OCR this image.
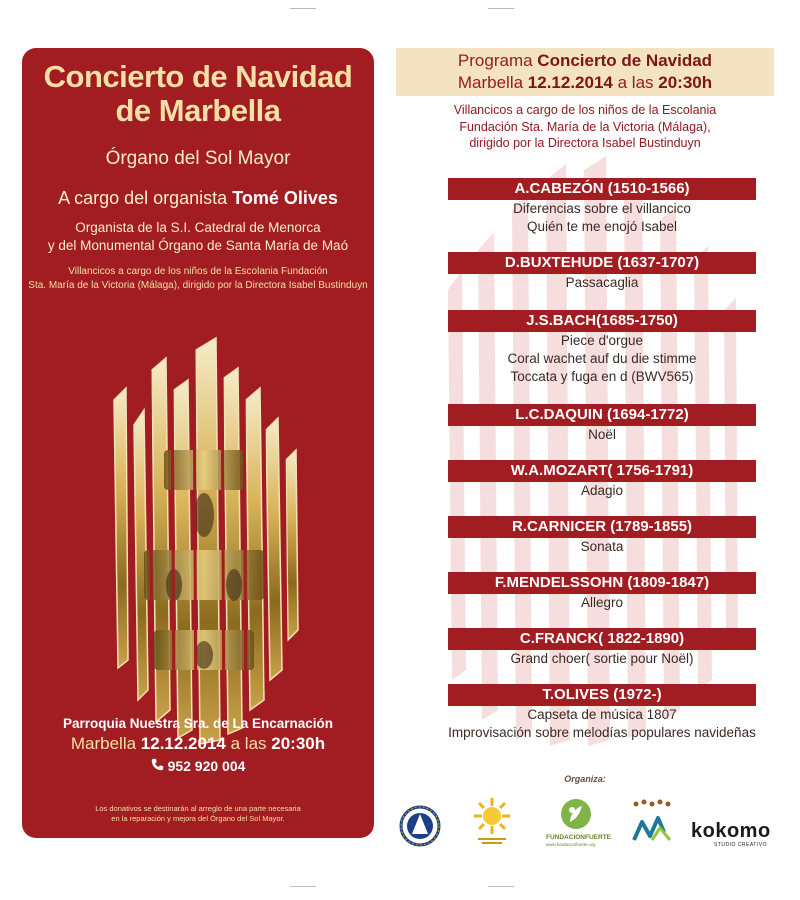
Concierto de Navidad
de Marbella
Órgano del Sol Mayor
A cargo del organista Tomé Olives
Organista de la S.I. Catedral de Menorca
y del Monumental Órgano de Santa María de Maó
Villancicos a cargo de los niños de la Escolania Fundación
Sta. María de la Victoria (Málaga), dirigido por la Directora Isabel Bustinduyn
Parroquia Nuestra Sra. de La Encarnación
Marbella 12.12.2014 a las 20:30h
952 920 004
Los donativos se destinarán al arreglo de una parte necesaria
en la reparación y mejora del Órgano del Sol Mayor.
Programa Concierto de Navidad
Marbella 12.12.2014 a las 20:30h
Villancicos a cargo de los niños de la Escolania
Fundación Sta. María de la Victoria (Málaga),
dirigido por la Directora Isabel Bustinduyn
A.CABEZÓN (1510-1566)
Diferencias sobre el villancico
Quién te me enojó Isabel
D.BUXTEHUDE (1637-1707)
Passacaglia
J.S.BACH(1685-1750)
Piece d'orgue
Coral wachet auf du die stimme
Toccata y fuga en d (BWV565)
L.C.DAQUIN (1694-1772)
Noël
W.A.MOZART( 1756-1791)
Adagio
R.CARNICER (1789-1855)
Sonata
F.MENDELSSOHN (1809-1847)
Allegro
C.FRANCK( 1822-1890)
Grand choer( sortie pour Noël)
T.OLIVES (1972-)
Capseta de música 1807
Improvisación sobre melodías populares navideñas
Organiza:
FUNDACIONFUERTE
www.fundacionfuerte.org
kokomo
STUDIO CREATIVO
